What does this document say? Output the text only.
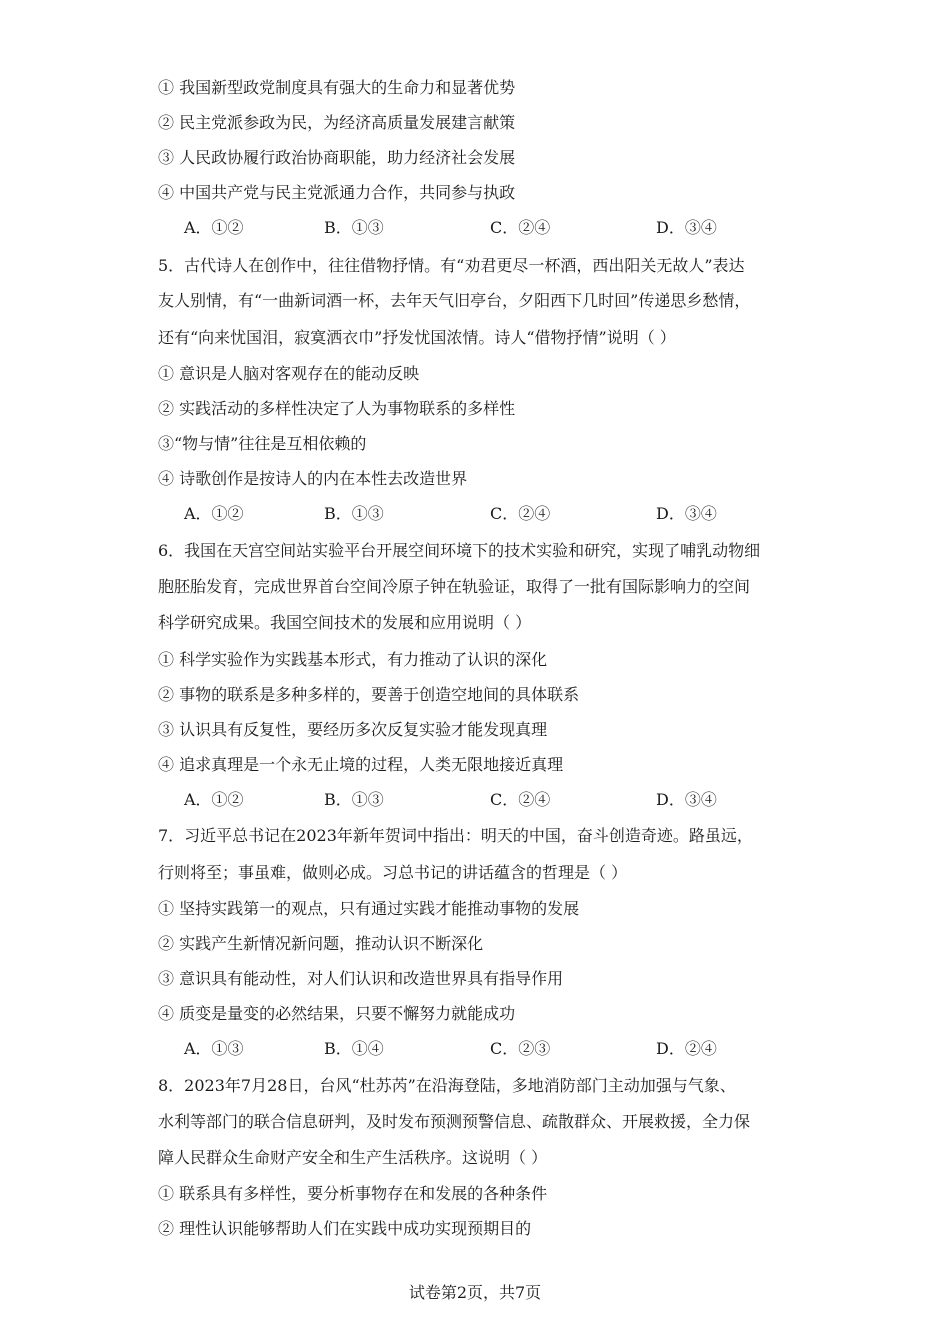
① 我国新型政党制度具有强大的生命力和显著优势
② 民主党派参政为民，为经济高质量发展建言献策
③ 人民政协履行政治协商职能，助力经济社会发展
④ 中国共产党与民主党派通力合作，共同参与执政
A．①②	B．①③	C．②④	D．③④
5．古代诗人在创作中，往往借物抒情。有“劝君更尽一杯酒，西出阳关无故人”表达
友人别情，有“一曲新词酒一杯，去年天气旧亭台，夕阳西下几时回”传递思乡愁情，
还有“向来忧国泪，寂寞洒衣巾”抒发忧国浓情。诗人“借物抒情”说明（ ）
① 意识是人脑对客观存在的能动反映
② 实践活动的多样性决定了人为事物联系的多样性
③“物与情”往往是互相依赖的
④ 诗歌创作是按诗人的内在本性去改造世界
A．①②	B．①③	C．②④	D．③④
6．我国在天宫空间站实验平台开展空间环境下的技术实验和研究，实现了哺乳动物细
胞胚胎发育，完成世界首台空间冷原子钟在轨验证，取得了一批有国际影响力的空间
科学研究成果。我国空间技术的发展和应用说明（ ）
① 科学实验作为实践基本形式，有力推动了认识的深化
② 事物的联系是多种多样的，要善于创造空地间的具体联系
③ 认识具有反复性，要经历多次反复实验才能发现真理
④ 追求真理是一个永无止境的过程，人类无限地接近真理
A．①②	B．①③	C．②④	D．③④
7．习近平总书记在2023年新年贺词中指出：明天的中国，奋斗创造奇迹。路虽远，
行则将至；事虽难，做则必成。习总书记的讲话蕴含的哲理是（ ）
① 坚持实践第一的观点，只有通过实践才能推动事物的发展
② 实践产生新情况新问题，推动认识不断深化
③ 意识具有能动性，对人们认识和改造世界具有指导作用
④ 质变是量变的必然结果，只要不懈努力就能成功
A．①③	B．①④	C．②③	D．②④
8．2023年7月28日，台风“杜苏芮”在沿海登陆，多地消防部门主动加强与气象、
水利等部门的联合信息研判，及时发布预测预警信息、疏散群众、开展救援，全力保
障人民群众生命财产安全和生产生活秩序。这说明（ ）
① 联系具有多样性，要分析事物存在和发展的各种条件
② 理性认识能够帮助人们在实践中成功实现预期目的
试卷第2页，共7页
